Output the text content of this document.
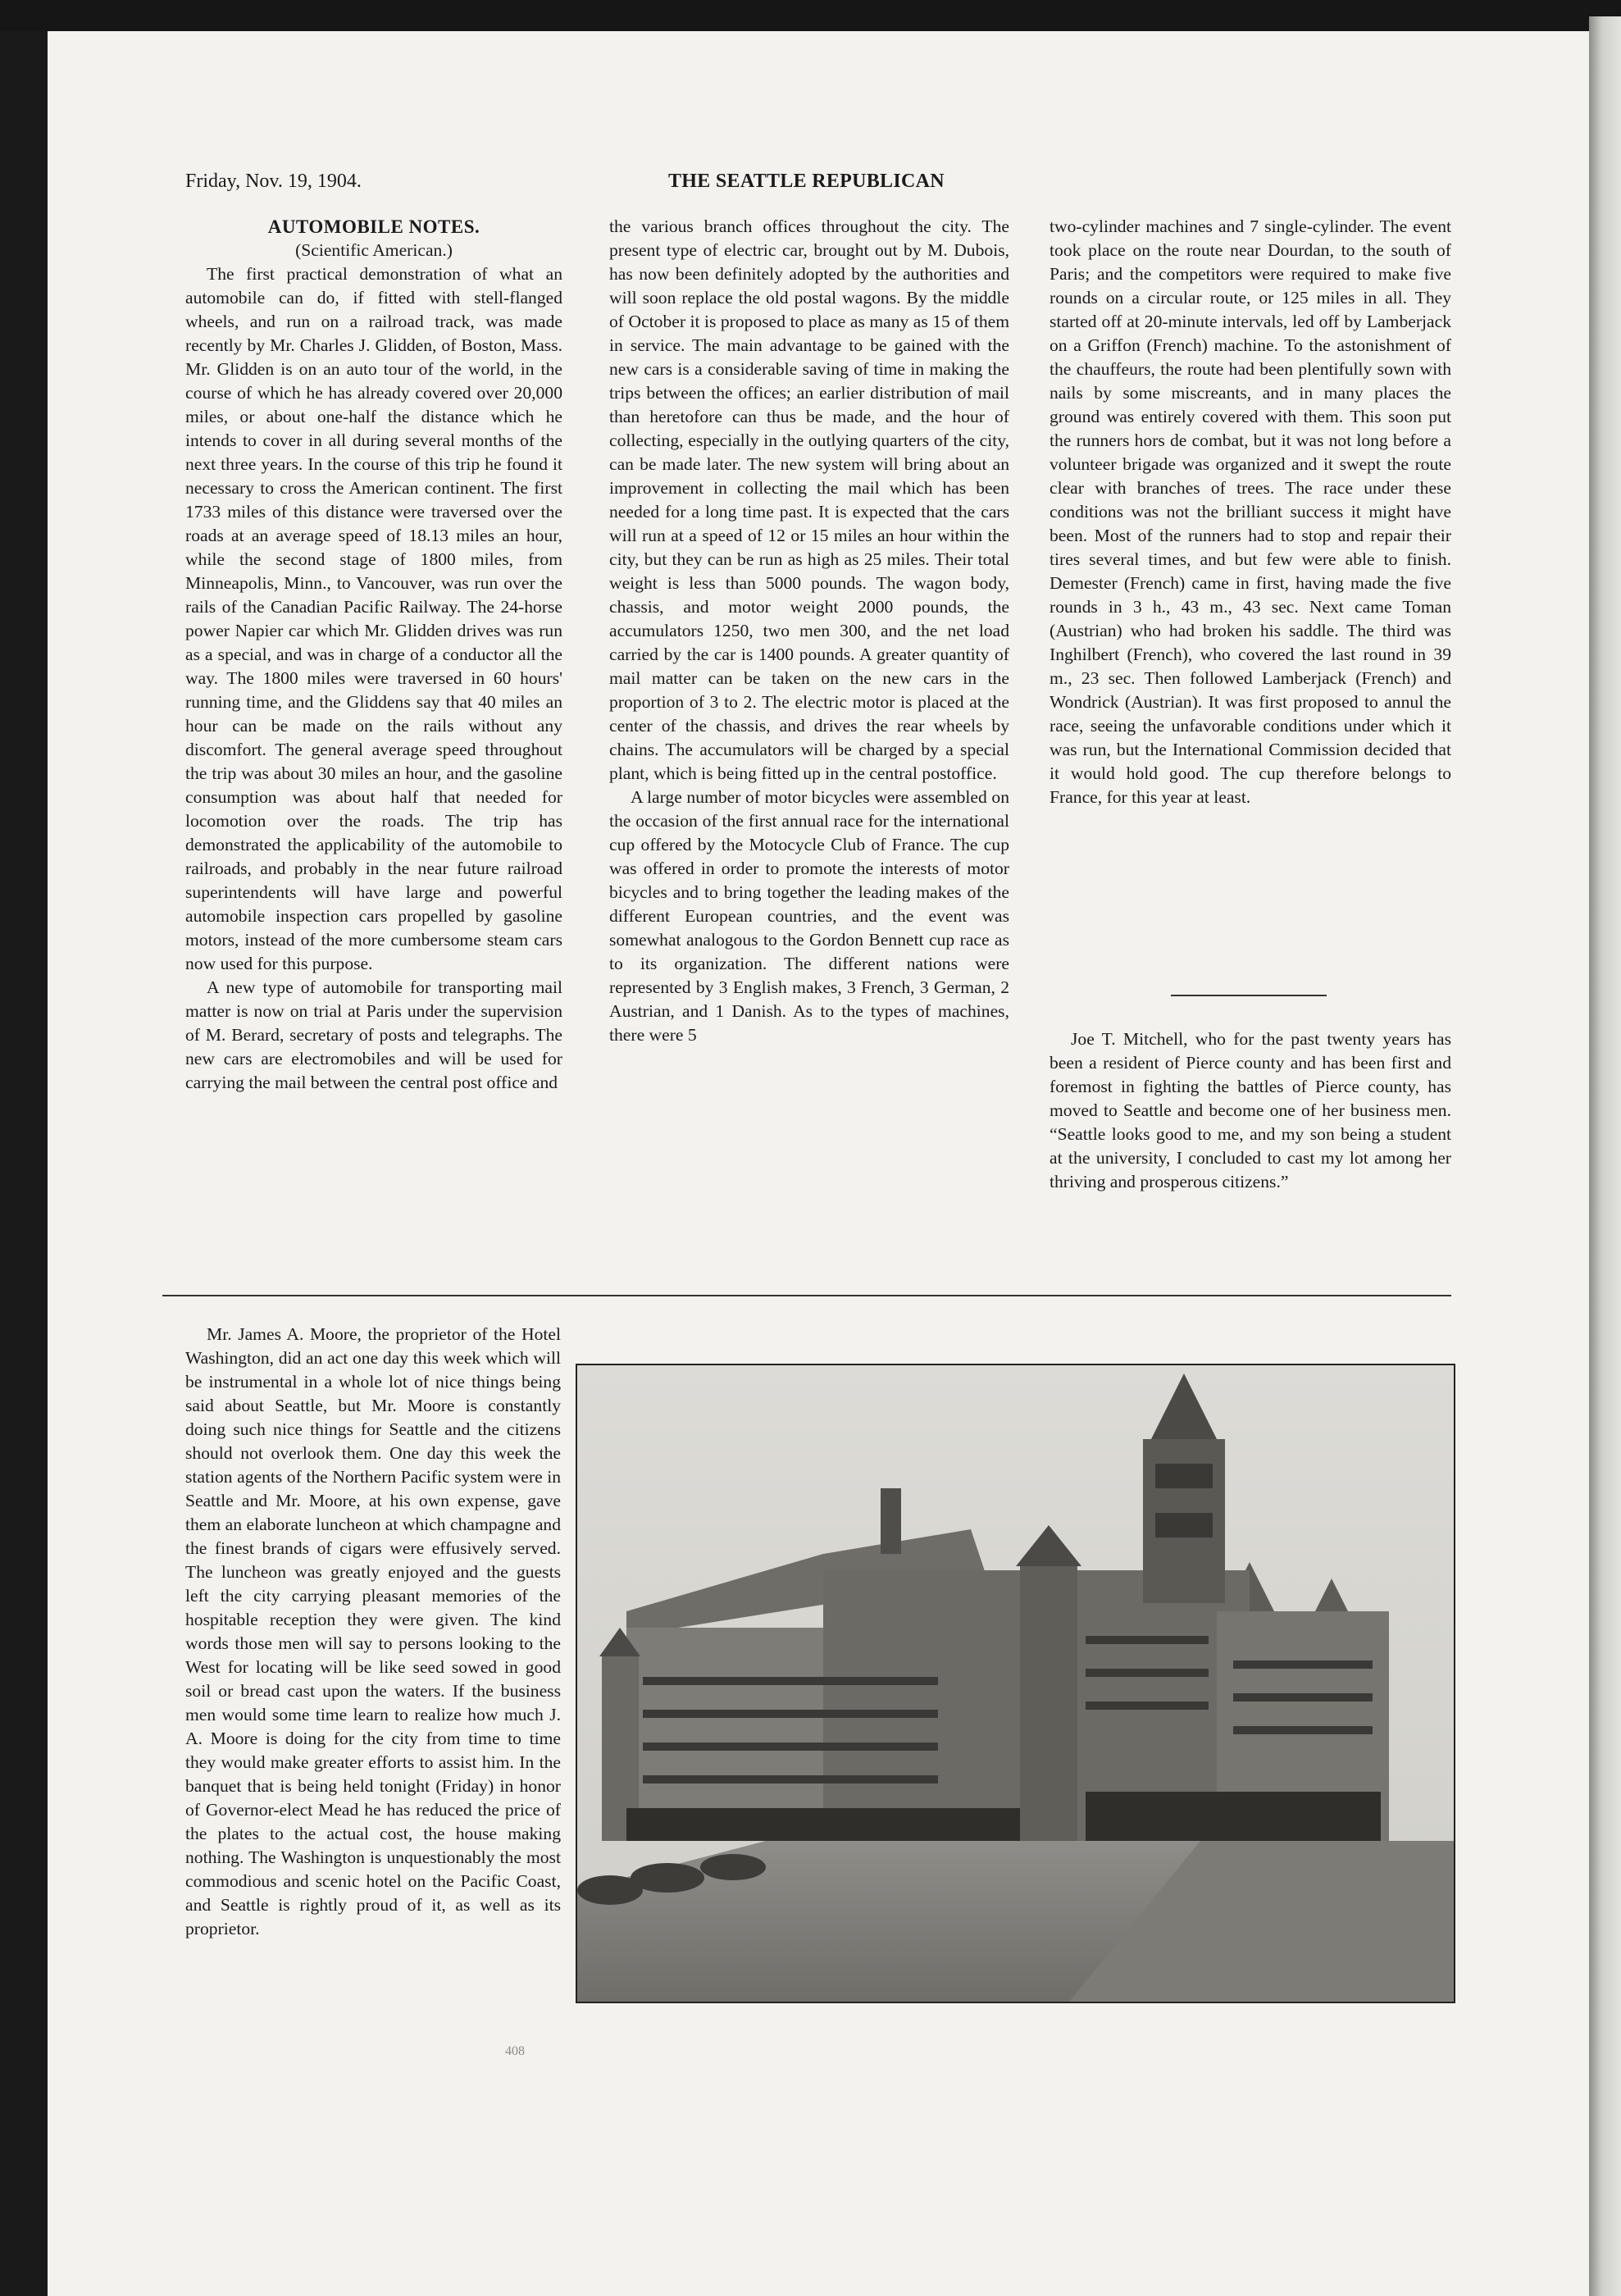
Friday, Nov. 19, 1904.	THE SEATTLE REPUBLICAN

AUTOMOBILE NOTES.

(Scientific American.)

The first practical demonstration of what an automobile can do, if fitted with stell-flanged wheels, and run on a railroad track, was made recently by Mr. Charles J. Glidden, of Boston, Mass. Mr. Glidden is on an auto tour of the world, in the course of which he has already covered over 20,000 miles, or about one-half the distance which he intends to cover in all during several months of the next three years. In the course of this trip he found it necessary to cross the American continent. The first 1733 miles of this distance were traversed over the roads at an average speed of 18.13 miles an hour, while the second stage of 1800 miles, from Minneapolis, Minn., to Vancouver, was run over the rails of the Canadian Pacific Railway. The 24-horse power Napier car which Mr. Glidden drives was run as a special, and was in charge of a conductor all the way. The 1800 miles were traversed in 60 hours' running time, and the Gliddens say that 40 miles an hour can be made on the rails without any discomfort. The general average speed throughout the trip was about 30 miles an hour, and the gasoline consumption was about half that needed for locomotion over the roads. The trip has demonstrated the applicability of the automobile to railroads, and probably in the near future railroad superintendents will have large and powerful automobile inspection cars propelled by gasoline motors, instead of the more cumbersome steam cars now used for this purpose.

A new type of automobile for transporting mail matter is now on trial at Paris under the supervision of M. Berard, secretary of posts and telegraphs. The new cars are electromobiles and will be used for carrying the mail between the central post office and

the various branch offices throughout the city. The present type of electric car, brought out by M. Dubois, has now been definitely adopted by the authorities and will soon replace the old postal wagons. By the middle of October it is proposed to place as many as 15 of them in service. The main advantage to be gained with the new cars is a considerable saving of time in making the trips between the offices; an earlier distribution of mail than heretofore can thus be made, and the hour of collecting, especially in the outlying quarters of the city, can be made later. The new system will bring about an improvement in collecting the mail which has been needed for a long time past. It is expected that the cars will run at a speed of 12 or 15 miles an hour within the city, but they can be run as high as 25 miles. Their total weight is less than 5000 pounds. The wagon body, chassis, and motor weight 2000 pounds, the accumulators 1250, two men 300, and the net load carried by the car is 1400 pounds. A greater quantity of mail matter can be taken on the new cars in the proportion of 3 to 2. The electric motor is placed at the center of the chassis, and drives the rear wheels by chains. The accumulators will be charged by a special plant, which is being fitted up in the central postoffice.

A large number of motor bicycles were assembled on the occasion of the first annual race for the international cup offered by the Motocycle Club of France. The cup was offered in order to promote the interests of motor bicycles and to bring together the leading makes of the different European countries, and the event was somewhat analogous to the Gordon Bennett cup race as to its organization. The different nations were represented by 3 English makes, 3 French, 3 German, 2 Austrian, and 1 Danish. As to the types of machines, there were 5

two-cylinder machines and 7 single-cylinder. The event took place on the route near Dourdan, to the south of Paris; and the competitors were required to make five rounds on a circular route, or 125 miles in all. They started off at 20-minute intervals, led off by Lamberjack on a Griffon (French) machine. To the astonishment of the chauffeurs, the route had been plentifully sown with nails by some miscreants, and in many places the ground was entirely covered with them. This soon put the runners hors de combat, but it was not long before a volunteer brigade was organized and it swept the route clear with branches of trees. The race under these conditions was not the brilliant success it might have been. Most of the runners had to stop and repair their tires several times, and but few were able to finish. Demester (French) came in first, having made the five rounds in 3 h., 43 m., 43 sec. Next came Toman (Austrian) who had broken his saddle. The third was Inghilbert (French), who covered the last round in 39 m., 23 sec. Then followed Lamberjack (French) and Wondrick (Austrian). It was first proposed to annul the race, seeing the unfavorable conditions under which it was run, but the International Commission decided that it would hold good. The cup therefore belongs to France, for this year at least.

Joe T. Mitchell, who for the past twenty years has been a resident of Pierce county and has been first and foremost in fighting the battles of Pierce county, has moved to Seattle and become one of her business men. “Seattle looks good to me, and my son being a student at the university, I concluded to cast my lot among her thriving and prosperous citizens.”

Mr. James A. Moore, the proprietor of the Hotel Washington, did an act one day this week which will be instrumental in a whole lot of nice things being said about Seattle, but Mr. Moore is constantly doing such nice things for Seattle and the citizens should not overlook them. One day this week the station agents of the Northern Pacific system were in Seattle and Mr. Moore, at his own expense, gave them an elaborate luncheon at which champagne and the finest brands of cigars were effusively served. The luncheon was greatly enjoyed and the guests left the city carrying pleasant memories of the hospitable reception they were given. The kind words those men will say to persons looking to the West for locating will be like seed sowed in good soil or bread cast upon the waters. If the business men would some time learn to realize how much J. A. Moore is doing for the city from time to time they would make greater efforts to assist him. In the banquet that is being held tonight (Friday) in honor of Governor-elect Mead he has reduced the price of the plates to the actual cost, the house making nothing. The Washington is unquestionably the most commodious and scenic hotel on the Pacific Coast, and Seattle is rightly proud of it, as well as its proprietor.

408
